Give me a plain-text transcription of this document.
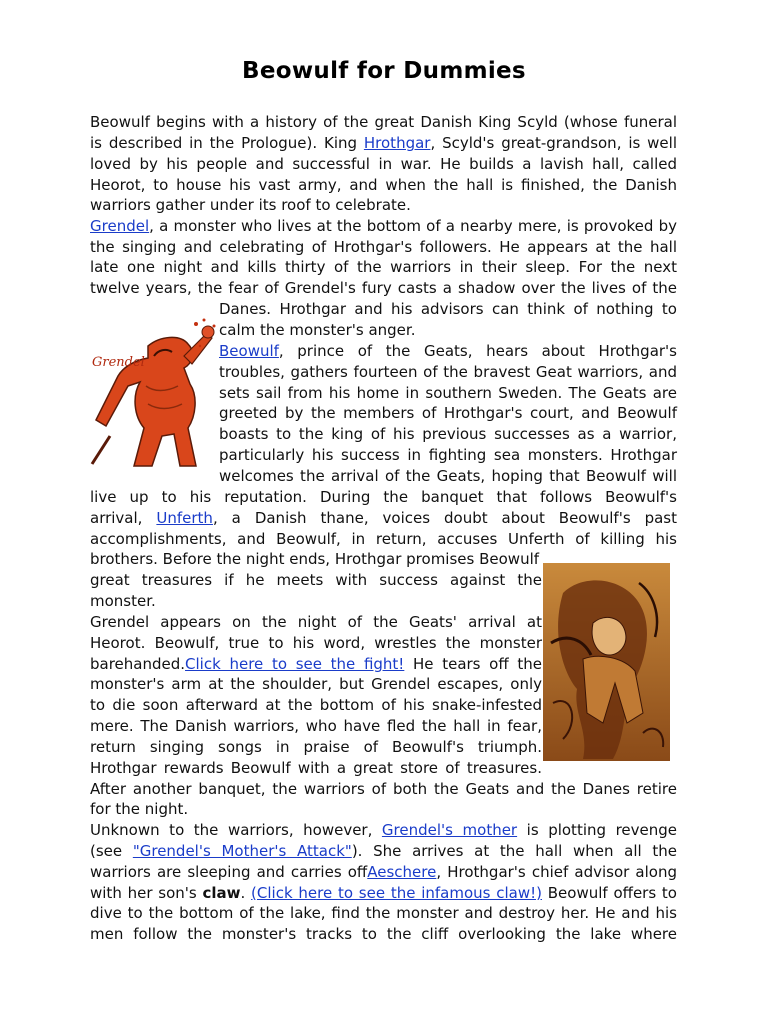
Beowulf for Dummies
Beowulf begins with a history of the great Danish King Scyld (whose funeral
is described in the Prologue). King Hrothgar, Scyld's great-grandson, is well
loved by his people and successful in war. He builds a lavish hall, called
Heorot, to house his vast army, and when the hall is finished, the Danish
warriors gather under its roof to celebrate.
Grendel, a monster who lives at the bottom of a nearby mere, is provoked by
the singing and celebrating of Hrothgar's followers. He appears at the hall
late one night and kills thirty of the warriors in their sleep. For the next
twelve years, the fear of Grendel's fury casts a shadow over the lives of the
Danes. Hrothgar and his advisors can think of nothing to
calm the monster's anger.
Grendel
Beowulf, prince of the Geats, hears about Hrothgar's
troubles, gathers fourteen of the bravest Geat warriors, and
sets sail from his home in southern Sweden. The Geats are
greeted by the members of Hrothgar's court, and Beowulf
boasts to the king of his previous successes as a warrior,
particularly his success in fighting sea monsters. Hrothgar
welcomes the arrival of the Geats, hoping that Beowulf will
live up to his reputation. During the banquet that follows Beowulf's
arrival, Unferth, a Danish thane, voices doubt about Beowulf's past
accomplishments, and Beowulf, in return, accuses Unferth of killing his
brothers. Before the night ends, Hrothgar promises Beowulf
great treasures if he meets with success against the
monster.
Grendel appears on the night of the Geats' arrival at
Heorot. Beowulf, true to his word, wrestles the monster
barehanded.Click here to see the fight! He tears off the
monster's arm at the shoulder, but Grendel escapes, only
to die soon afterward at the bottom of his snake-infested
mere. The Danish warriors, who have fled the hall in fear,
return singing songs in praise of Beowulf's triumph.
Hrothgar rewards Beowulf with a great store of treasures.
After another banquet, the warriors of both the Geats and the Danes retire
for the night.
Unknown to the warriors, however, Grendel's mother is plotting revenge
(see "Grendel's Mother's Attack"). She arrives at the hall when all the
warriors are sleeping and carries offAeschere, Hrothgar's chief advisor along
with her son's claw. (Click here to see the infamous claw!) Beowulf offers to
dive to the bottom of the lake, find the monster and destroy her. He and his
men follow the monster's tracks to the cliff overlooking the lake where
